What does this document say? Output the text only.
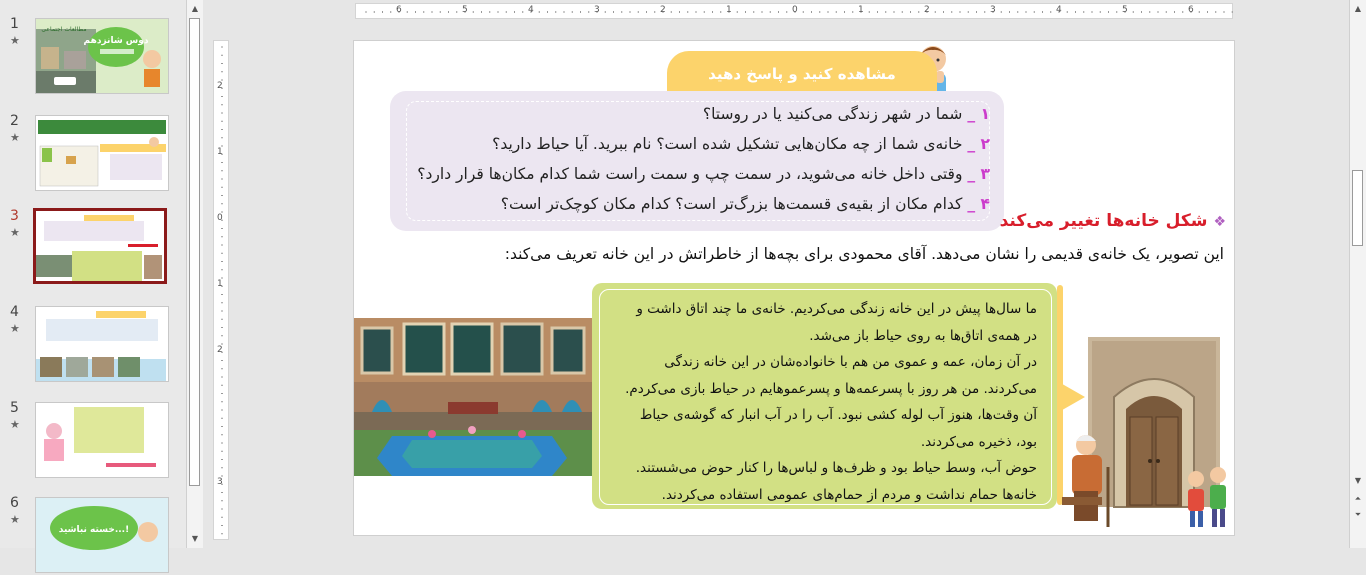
1
★
مطالعات اجتماعی
دوس شانزدهم
2
★
3
★
4
★
5
★
6
★
خسته نباشید...!
▲
▼
6	5	4	3	2	1	0	1	2	3	4	5	6
2
1
0
1
2
3
مشاهده کنید و پاسخ دهید
۱ _ شما در شهر زندگی می‌کنید یا در روستا؟
۲ _ خانه‌ی شما از چه مکان‌هایی تشکیل شده است؟ نام ببرید. آیا حیاط دارید؟
۳ _ وقتی داخل خانه می‌شوید، در سمت چپ و سمت راست شما کدام مکان‌ها قرار دارد؟
۴ _ کدام مکان از بقیه‌ی قسمت‌ها بزرگ‌تر است؟ کدام مکان کوچک‌تر است؟
❖شکل خانه‌ها تغییر می‌کند
این تصویر، یک خانه‌ی قدیمی را نشان می‌دهد. آقای محمودی برای بچه‌ها از خاطراتش در این خانه تعریف می‌کند:
ما سال‌ها پیش در این خانه زندگی می‌کردیم. خانه‌ی ما چند اتاق داشت و
در همه‌ی اتاق‌ها به روی حیاط باز می‌شد.
در آن زمان، عمه و عموی من هم با خانواده‌شان در این خانه زندگی
می‌کردند. من هر روز با پسرعمه‌ها و پسرعموهایم در حیاط بازی می‌کردم.
آن وقت‌ها، هنوز آب لوله کشی نبود. آب را در آب انبار که گوشه‌ی حیاط
بود، ذخیره می‌کردند.
حوض آب، وسط حیاط بود و ظرف‌ها و لباس‌ها را کنار حوض می‌شستند.
خانه‌ها حمام نداشت و مردم از حمام‌های عمومی استفاده می‌کردند.
▲
▼
⏶
⏷
